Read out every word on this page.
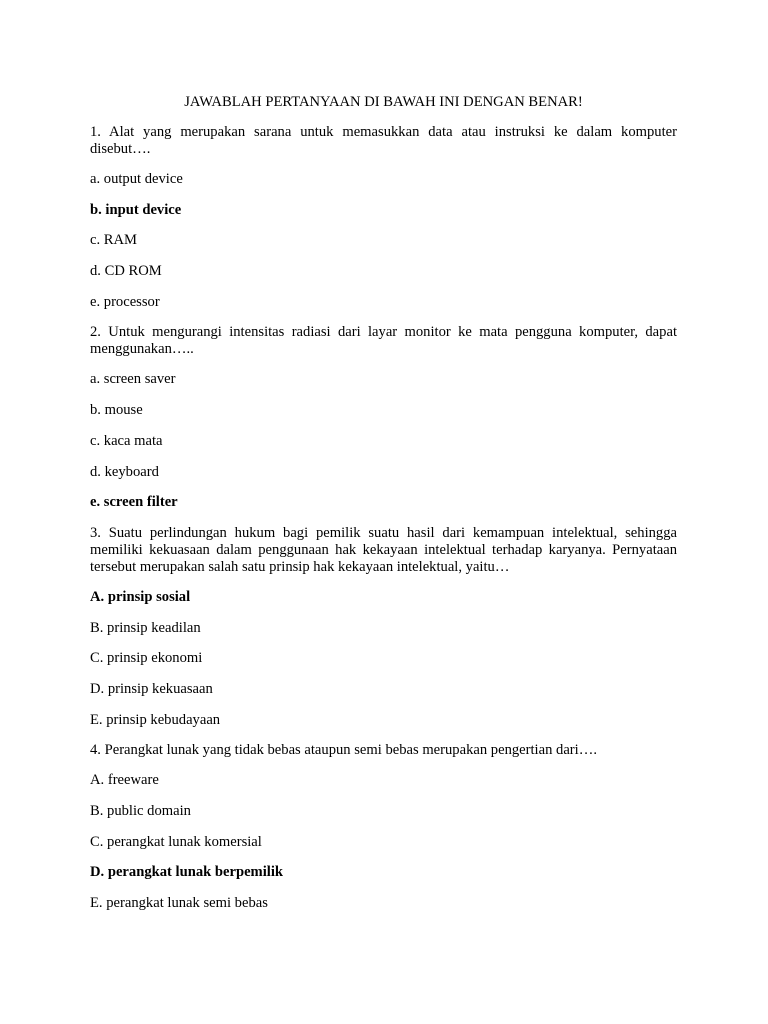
JAWABLAH PERTANYAAN DI BAWAH INI DENGAN BENAR!
1. Alat yang merupakan sarana untuk memasukkan data atau instruksi ke dalam komputer disebut….
a. output device
b. input device
c. RAM
d. CD ROM
e. processor
2. Untuk mengurangi intensitas radiasi dari layar monitor ke mata pengguna komputer, dapat menggunakan…..
a. screen saver
b. mouse
c. kaca mata
d. keyboard
e. screen filter
3. Suatu perlindungan hukum bagi pemilik suatu hasil dari kemampuan intelektual, sehingga memiliki kekuasaan dalam penggunaan hak kekayaan intelektual terhadap karyanya. Pernyataan tersebut merupakan salah satu prinsip hak kekayaan intelektual, yaitu…
A. prinsip sosial
B. prinsip keadilan
C. prinsip ekonomi
D. prinsip kekuasaan
E. prinsip kebudayaan
4. Perangkat lunak yang tidak bebas ataupun semi bebas merupakan pengertian dari….
A. freeware
B. public domain
C. perangkat lunak komersial
D. perangkat lunak berpemilik
E. perangkat lunak semi bebas
